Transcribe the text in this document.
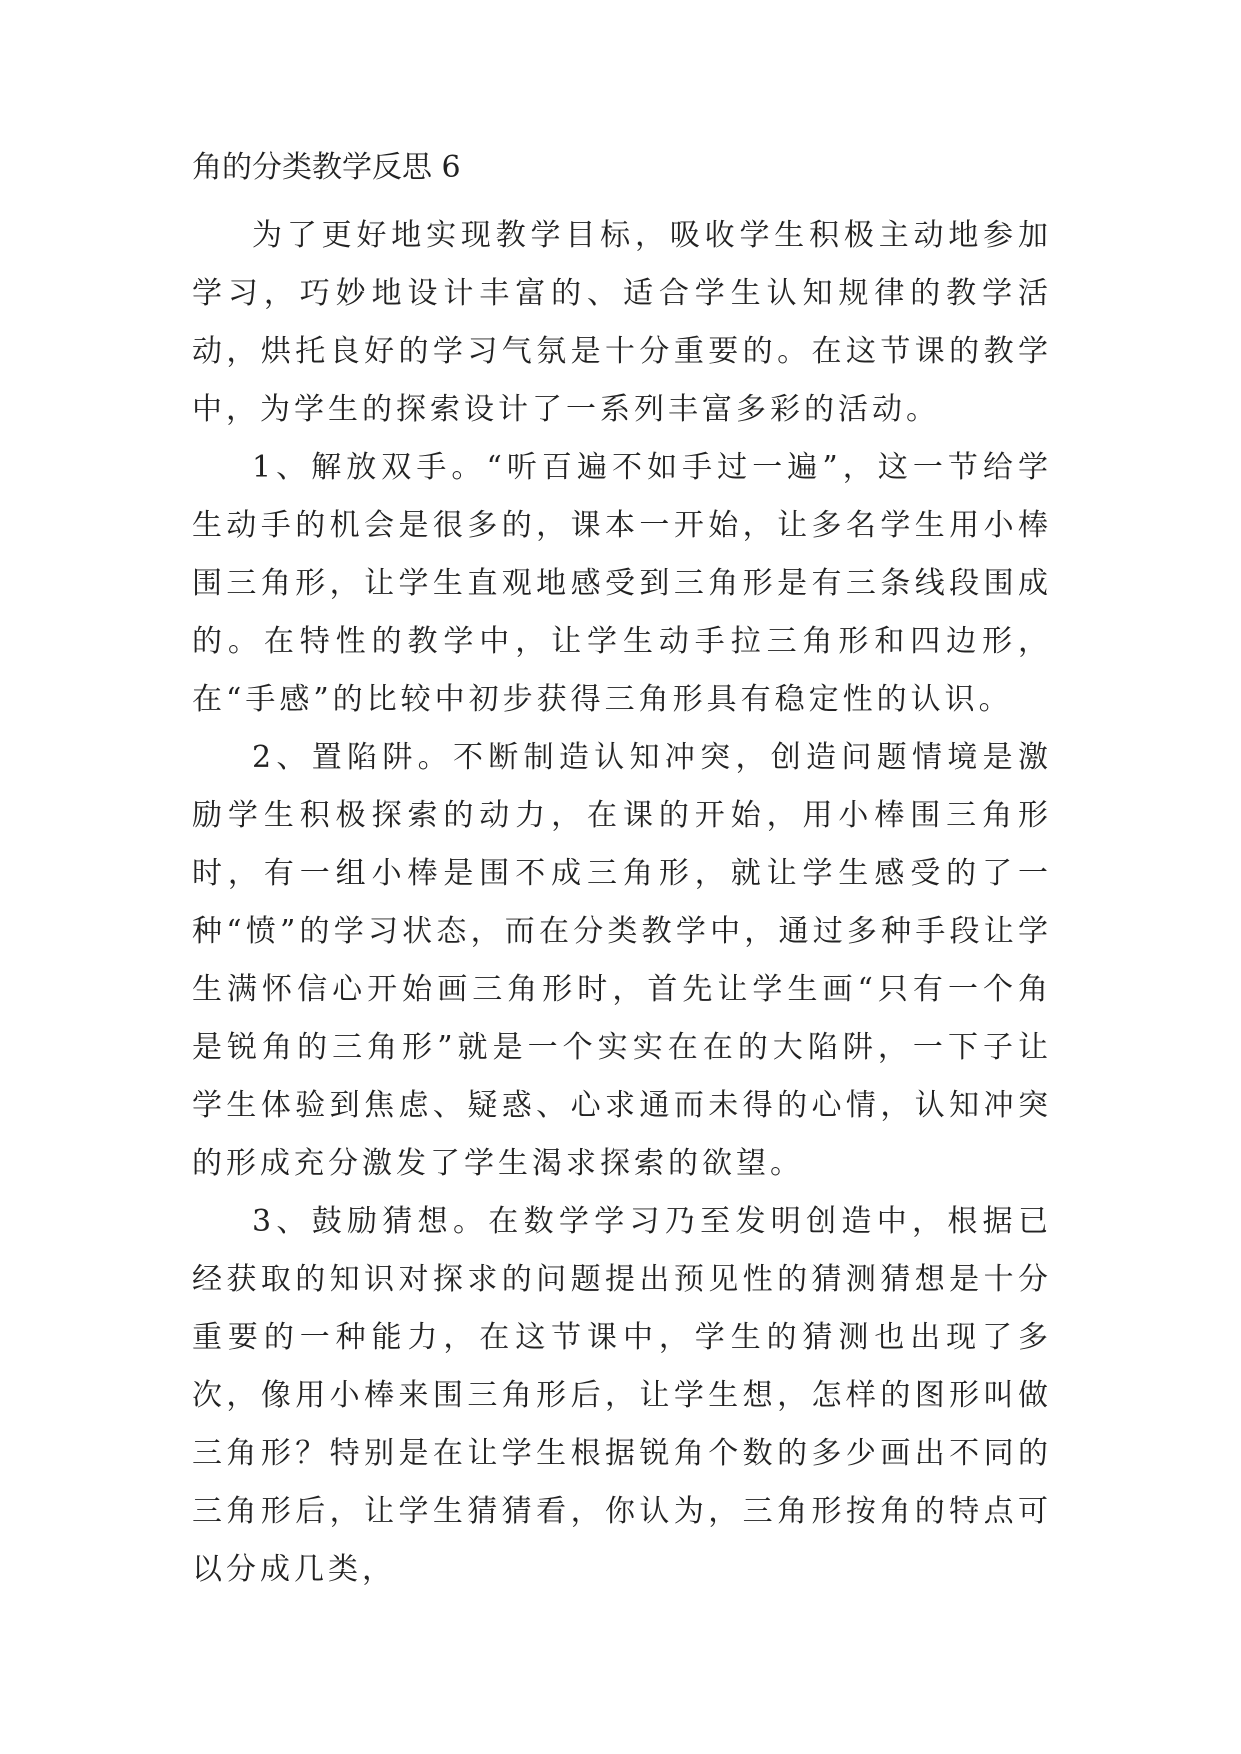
角的分类教学反思 6

为了更好地实现教学目标，吸收学生积极主动地参加学习，巧妙地设计丰富的、适合学生认知规律的教学活动，烘托良好的学习气氛是十分重要的。在这节课的教学中，为学生的探索设计了一系列丰富多彩的活动。

1、解放双手。“听百遍不如手过一遍”，这一节给学生动手的机会是很多的，课本一开始，让多名学生用小棒围三角形，让学生直观地感受到三角形是有三条线段围成的。在特性的教学中，让学生动手拉三角形和四边形，在“手感”的比较中初步获得三角形具有稳定性的认识。

2、置陷阱。不断制造认知冲突，创造问题情境是激励学生积极探索的动力，在课的开始，用小棒围三角形时，有一组小棒是围不成三角形，就让学生感受的了一种“愤”的学习状态，而在分类教学中，通过多种手段让学生满怀信心开始画三角形时，首先让学生画“只有一个角是锐角的三角形”就是一个实实在在的大陷阱，一下子让学生体验到焦虑、疑惑、心求通而未得的心情，认知冲突的形成充分激发了学生渴求探索的欲望。

3、鼓励猜想。在数学学习乃至发明创造中，根据已经获取的知识对探求的问题提出预见性的猜测猜想是十分重要的一种能力，在这节课中，学生的猜测也出现了多次，像用小棒来围三角形后，让学生想，怎样的图形叫做三角形？特别是在让学生根据锐角个数的多少画出不同的三角形后，让学生猜猜看，你认为，三角形按角的特点可以分成几类，
